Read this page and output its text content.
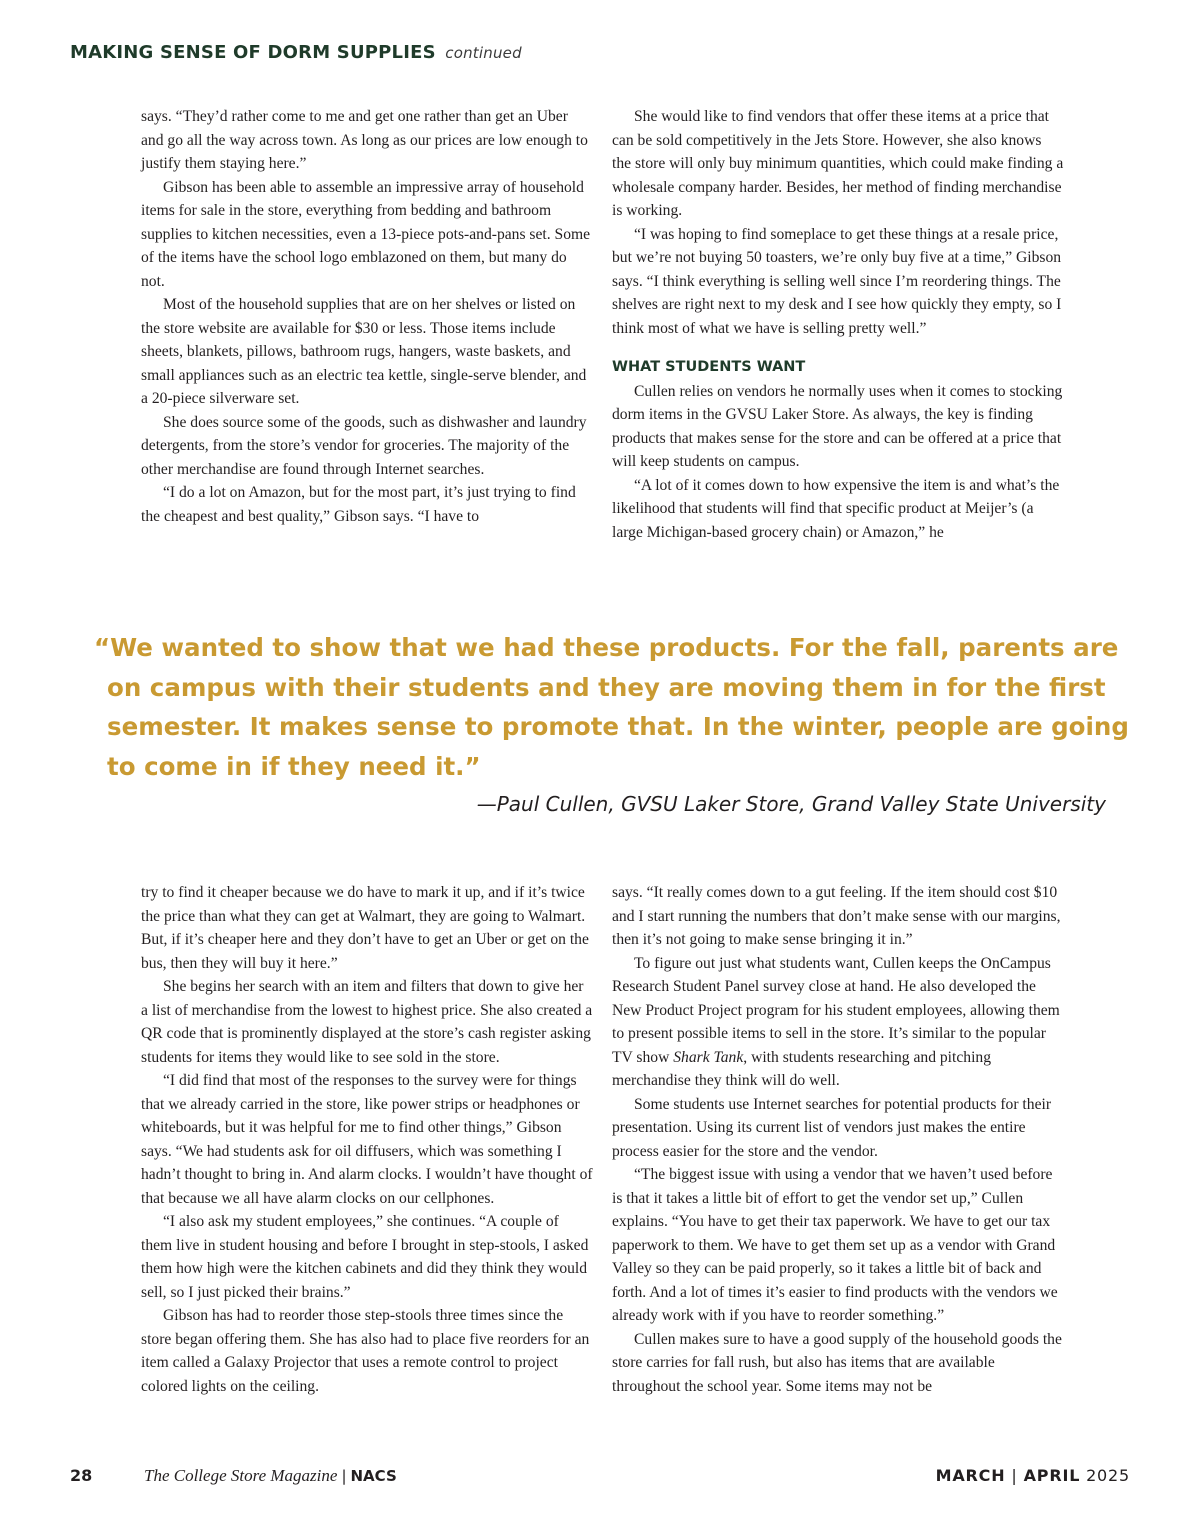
MAKING SENSE OF DORM SUPPLIES continued

says. “They’d rather come to me and get one rather than get an Uber and go all the way across town. As long as our prices are low enough to justify them staying here.”

Gibson has been able to assemble an impressive array of household items for sale in the store, everything from bedding and bathroom supplies to kitchen necessities, even a 13-piece pots-and-pans set. Some of the items have the school logo emblazoned on them, but many do not.

Most of the household supplies that are on her shelves or listed on the store website are available for $30 or less. Those items include sheets, blankets, pillows, bathroom rugs, hangers, waste baskets, and small appliances such as an electric tea kettle, single-serve blender, and a 20-piece silverware set.

She does source some of the goods, such as dishwasher and laundry detergents, from the store’s vendor for groceries. The majority of the other merchandise are found through Internet searches.

“I do a lot on Amazon, but for the most part, it’s just trying to find the cheapest and best quality,” Gibson says. “I have to

She would like to find vendors that offer these items at a price that can be sold competitively in the Jets Store. However, she also knows the store will only buy minimum quantities, which could make finding a wholesale company harder. Besides, her method of finding merchandise is working.

“I was hoping to find someplace to get these things at a resale price, but we’re not buying 50 toasters, we’re only buy five at a time,” Gibson says. “I think everything is selling well since I’m reordering things. The shelves are right next to my desk and I see how quickly they empty, so I think most of what we have is selling pretty well.”

WHAT STUDENTS WANT

Cullen relies on vendors he normally uses when it comes to stocking dorm items in the GVSU Laker Store. As always, the key is finding products that makes sense for the store and can be offered at a price that will keep students on campus.

“A lot of it comes down to how expensive the item is and what’s the likelihood that students will find that specific product at Meijer’s (a large Michigan-based grocery chain) or Amazon,” he

“We wanted to show that we had these products. For the fall, parents are
on campus with their students and they are moving them in for the first
semester. It makes sense to promote that. In the winter, people are going
to come in if they need it.”
—Paul Cullen, GVSU Laker Store, Grand Valley State University

try to find it cheaper because we do have to mark it up, and if it’s twice the price than what they can get at Walmart, they are going to Walmart. But, if it’s cheaper here and they don’t have to get an Uber or get on the bus, then they will buy it here.”

She begins her search with an item and filters that down to give her a list of merchandise from the lowest to highest price. She also created a QR code that is prominently displayed at the store’s cash register asking students for items they would like to see sold in the store.

“I did find that most of the responses to the survey were for things that we already carried in the store, like power strips or headphones or whiteboards, but it was helpful for me to find other things,” Gibson says. “We had students ask for oil diffusers, which was something I hadn’t thought to bring in. And alarm clocks. I wouldn’t have thought of that because we all have alarm clocks on our cellphones.

“I also ask my student employees,” she continues. “A couple of them live in student housing and before I brought in step-stools, I asked them how high were the kitchen cabinets and did they think they would sell, so I just picked their brains.”

Gibson has had to reorder those step-stools three times since the store began offering them. She has also had to place five reorders for an item called a Galaxy Projector that uses a remote control to project colored lights on the ceiling.

says. “It really comes down to a gut feeling. If the item should cost $10 and I start running the numbers that don’t make sense with our margins, then it’s not going to make sense bringing it in.”

To figure out just what students want, Cullen keeps the OnCampus Research Student Panel survey close at hand. He also developed the New Product Project program for his student employees, allowing them to present possible items to sell in the store. It’s similar to the popular TV show Shark Tank, with students researching and pitching merchandise they think will do well.

Some students use Internet searches for potential products for their presentation. Using its current list of vendors just makes the entire process easier for the store and the vendor.

“The biggest issue with using a vendor that we haven’t used before is that it takes a little bit of effort to get the vendor set up,” Cullen explains. “You have to get their tax paperwork. We have to get our tax paperwork to them. We have to get them set up as a vendor with Grand Valley so they can be paid properly, so it takes a little bit of back and forth. And a lot of times it’s easier to find products with the vendors we already work with if you have to reorder something.”

Cullen makes sure to have a good supply of the household goods the store carries for fall rush, but also has items that are available throughout the school year. Some items may not be

28	The College Store Magazine | NACS	MARCH | APRIL 2025
